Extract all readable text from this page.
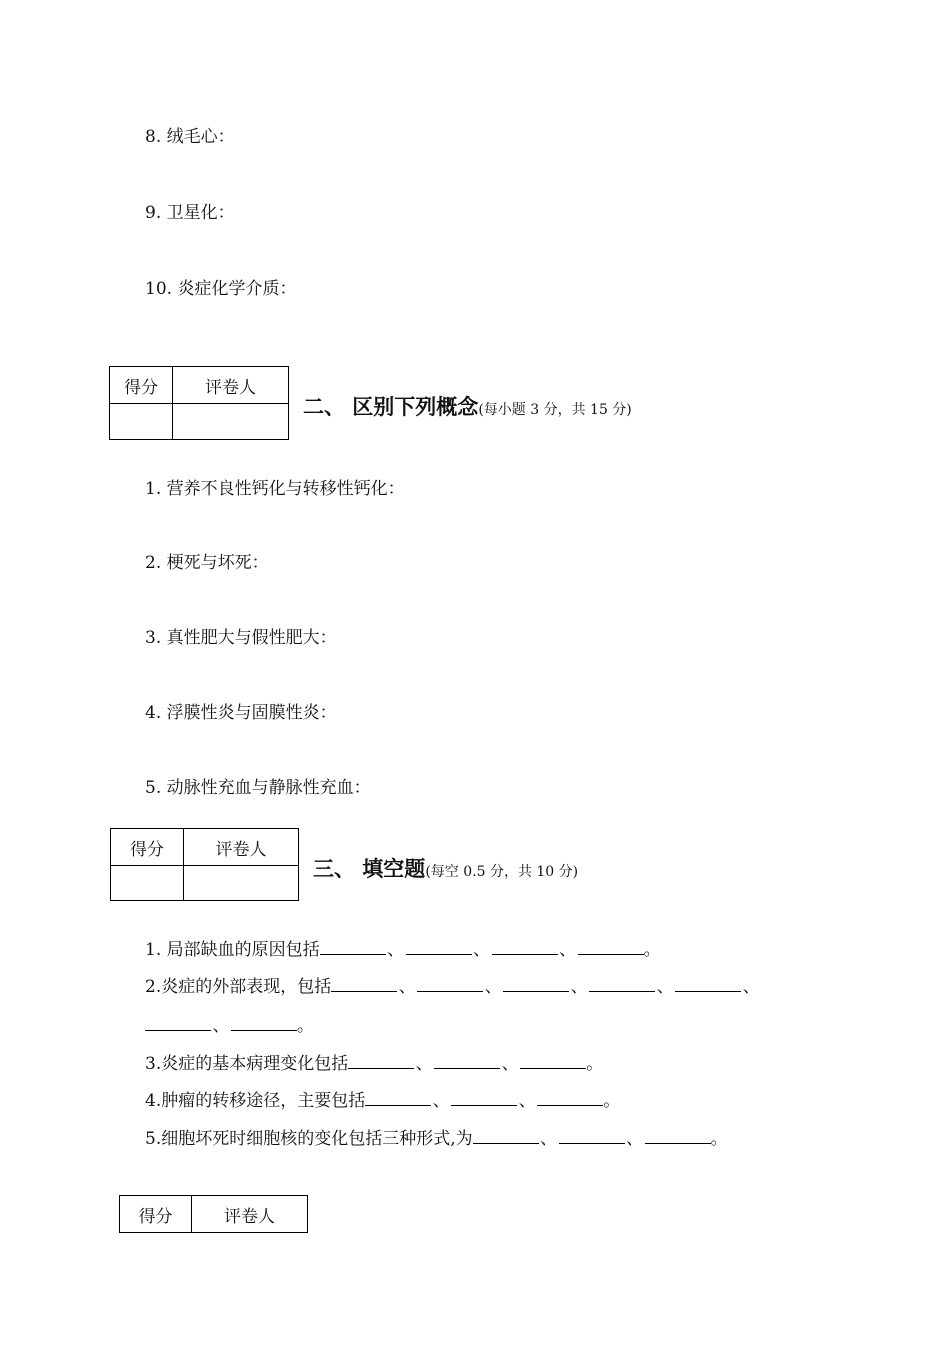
8. 绒毛心：
9. 卫星化：
10. 炎症化学介质：
得分	评卷人

二、 区别下列概念(每小题 3 分，共 15 分)
1. 营养不良性钙化与转移性钙化：
2. 梗死与坏死：
3. 真性肥大与假性肥大：
4. 浮膜性炎与固膜性炎：
5. 动脉性充血与静脉性充血：
得分	评卷人

三、 填空题(每空 0.5 分，共 10 分)
1. 局部缺血的原因包括	、	、	、	。
2.炎症的外部表现，包括	、	、	、	、	、
、	。
3.炎症的基本病理变化包括	、	、	。
4.肿瘤的转移途径，主要包括	、	、	。
5.细胞坏死时细胞核的变化包括三种形式,为	、	、	。
得分	评卷人
